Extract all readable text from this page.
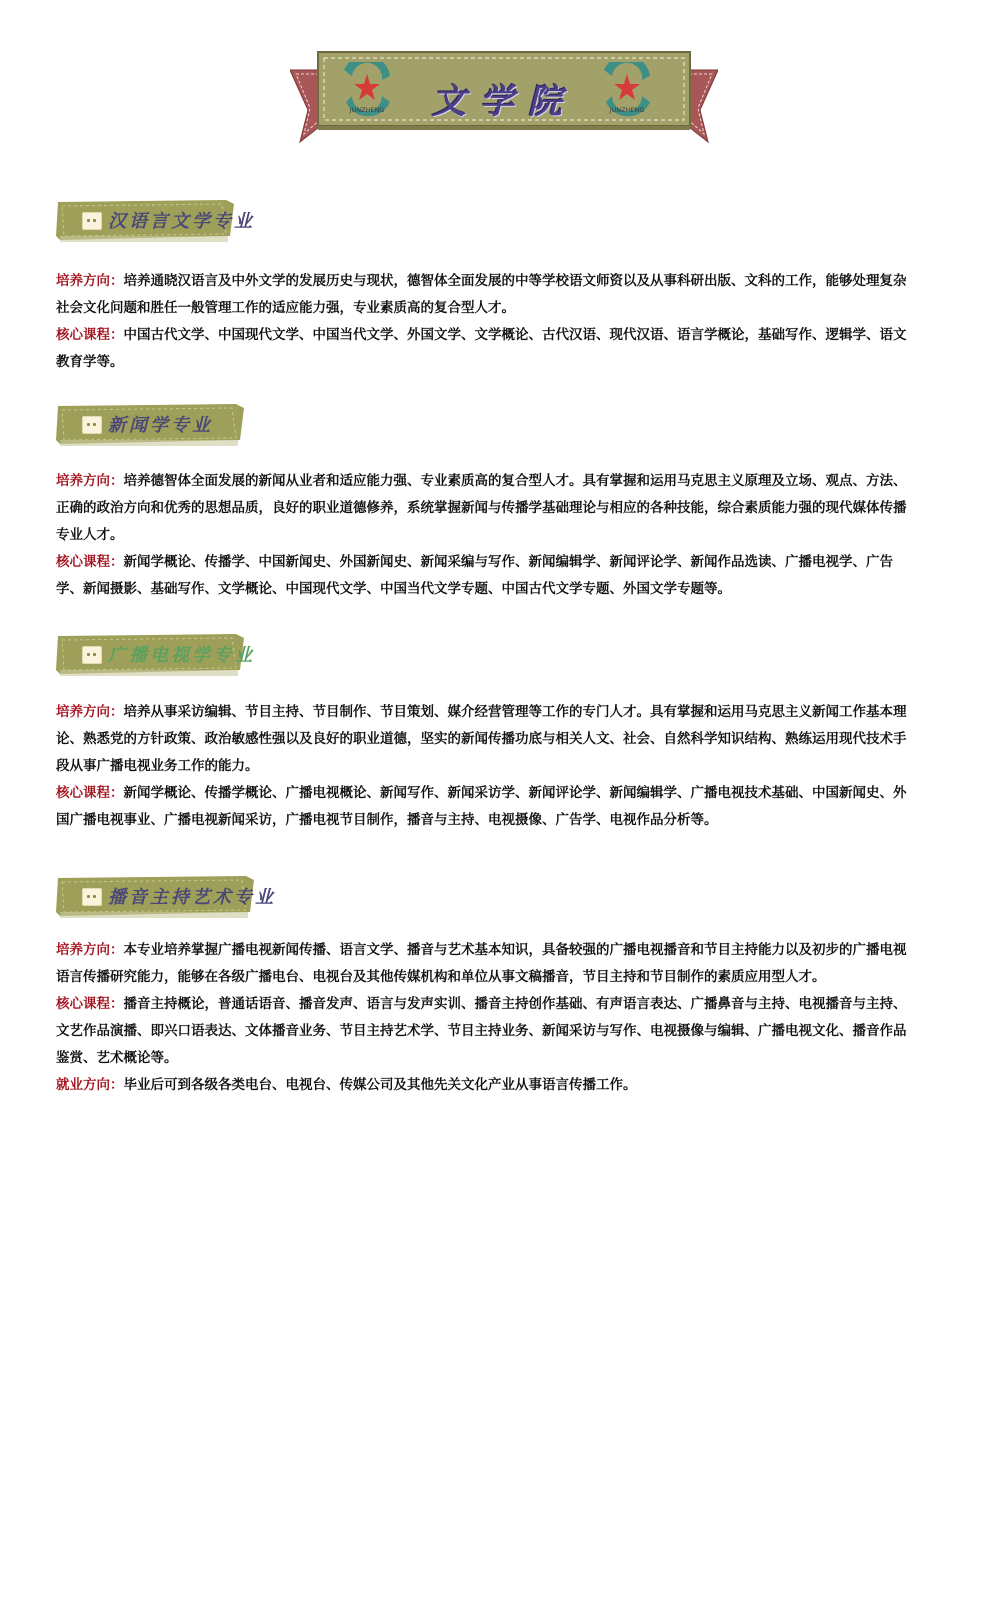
JUNZHENG	JUNZHENG
文学院
汉语言文学专业

培养方向：培养通晓汉语言及中外文学的发展历史与现状，德智体全面发展的中等学校语文师资以及从事科研出版、文科的工作，能够处理复杂社会文化问题和胜任一般管理工作的适应能力强，专业素质高的复合型人才。

核心课程：中国古代文学、中国现代文学、中国当代文学、外国文学、文学概论、古代汉语、现代汉语、语言学概论，基础写作、逻辑学、语文教育学等。

新闻学专业

培养方向：培养德智体全面发展的新闻从业者和适应能力强、专业素质高的复合型人才。具有掌握和运用马克思主义原理及立场、观点、方法、正确的政治方向和优秀的思想品质，良好的职业道德修养，系统掌握新闻与传播学基础理论与相应的各种技能，综合素质能力强的现代媒体传播专业人才。

核心课程：新闻学概论、传播学、中国新闻史、外国新闻史、新闻采编与写作、新闻编辑学、新闻评论学、新闻作品选读、广播电视学、广告学、新闻摄影、基础写作、文学概论、中国现代文学、中国当代文学专题、中国古代文学专题、外国文学专题等。

广播电视学专业

培养方向：培养从事采访编辑、节目主持、节目制作、节目策划、媒介经营管理等工作的专门人才。具有掌握和运用马克思主义新闻工作基本理论、熟悉党的方针政策、政治敏感性强以及良好的职业道德，坚实的新闻传播功底与相关人文、社会、自然科学知识结构、熟练运用现代技术手段从事广播电视业务工作的能力。

核心课程：新闻学概论、传播学概论、广播电视概论、新闻写作、新闻采访学、新闻评论学、新闻编辑学、广播电视技术基础、中国新闻史、外国广播电视事业、广播电视新闻采访，广播电视节目制作，播音与主持、电视摄像、广告学、电视作品分析等。

播音主持艺术专业

培养方向：本专业培养掌握广播电视新闻传播、语言文学、播音与艺术基本知识，具备较强的广播电视播音和节目主持能力以及初步的广播电视语言传播研究能力，能够在各级广播电台、电视台及其他传媒机构和单位从事文稿播音，节目主持和节目制作的素质应用型人才。

核心课程：播音主持概论，普通话语音、播音发声、语言与发声实训、播音主持创作基础、有声语言表达、广播鼻音与主持、电视播音与主持、文艺作品演播、即兴口语表达、文体播音业务、节目主持艺术学、节目主持业务、新闻采访与写作、电视摄像与编辑、广播电视文化、播音作品鉴赏、艺术概论等。

就业方向：毕业后可到各级各类电台、电视台、传媒公司及其他先关文化产业从事语言传播工作。
